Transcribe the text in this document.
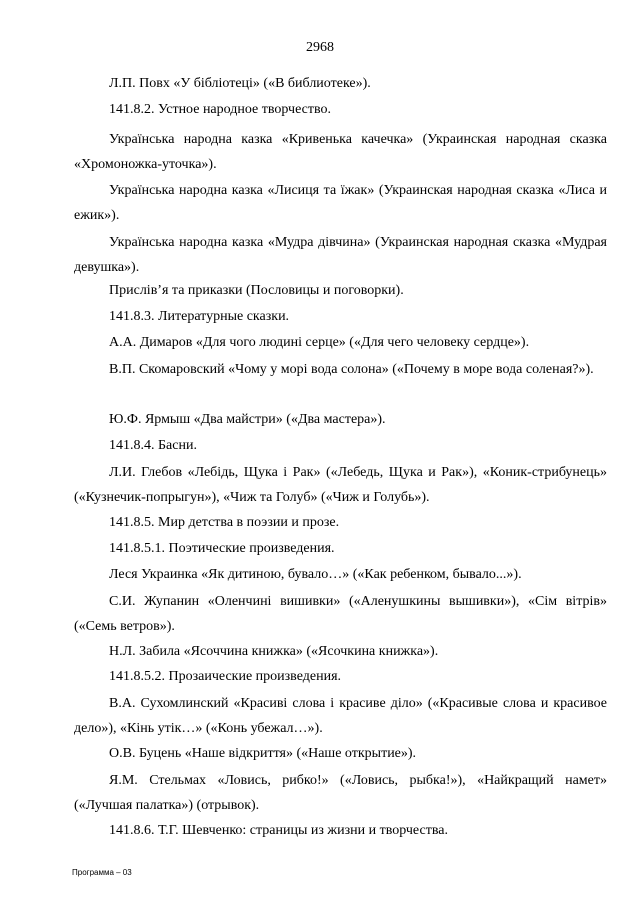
2968

Л.П. Повх «У бібліотеці» («В библиотеке»).

141.8.2. Устное народное творчество.

Українська народна казка «Кривенька качечка» (Украинская народная сказка «Хромоножка-уточка»).

Українська народна казка «Лисиця та їжак» (Украинская народная сказка «Лиса и ежик»).

Українська народна казка «Мудра дівчина» (Украинская народная сказка «Мудрая девушка»).

Прислів’я та приказки (Пословицы и поговорки).

141.8.3. Литературные сказки.

А.А. Димаров «Для чого людині серце» («Для чего человеку сердце»).

В.П. Скомаровский «Чому у морі вода солона» («Почему в море вода соленая?»).

Ю.Ф. Ярмыш «Два майстри» («Два мастера»).

141.8.4. Басни.

Л.И. Глебов «Лебідь, Щука і Рак» («Лебедь, Щука и Рак»), «Коник-стрибунець» («Кузнечик-попрыгун»), «Чиж та Голуб» («Чиж и Голубь»).

141.8.5. Мир детства в поэзии и прозе.

141.8.5.1. Поэтические произведения.

Леся Украинка «Як дитиною, бувало…» («Как ребенком, бывало...»).

С.И. Жупанин «Оленчині вишивки» («Аленушкины вышивки»), «Сім вітрів» («Семь ветров»).

Н.Л. Забила «Ясоччина книжка» («Ясочкина книжка»).

141.8.5.2. Прозаические произведения.

В.А. Сухомлинский «Красиві слова і красиве діло» («Красивые слова и красивое дело»), «Кінь утік…» («Конь убежал…»).

О.В. Буцень «Наше відкриття» («Наше открытие»).

Я.М. Стельмах «Ловись, рибко!» («Ловись, рыбка!»), «Найкращий намет» («Лучшая палатка») (отрывок).

141.8.6. Т.Г. Шевченко: страницы из жизни и творчества.

Программа – 03
